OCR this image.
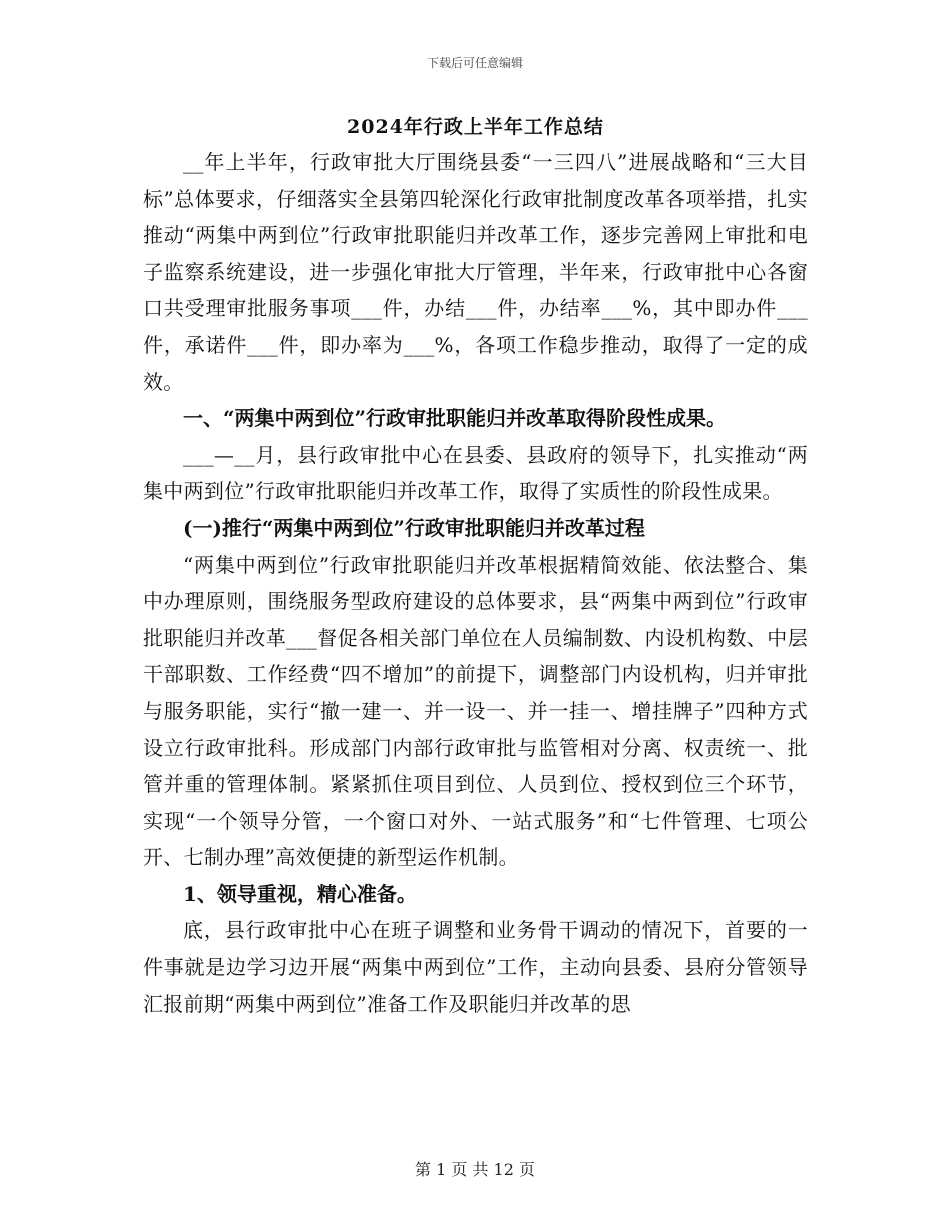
下载后可任意编辑
2024年行政上半年工作总结

__年上半年，行政审批大厅围绕县委“一三四八”进展战略和“三大目标”总体要求，仔细落实全县第四轮深化行政审批制度改革各项举措，扎实推动“两集中两到位”行政审批职能归并改革工作，逐步完善网上审批和电子监察系统建设，进一步强化审批大厅管理，半年来，行政审批中心各窗口共受理审批服务事项___件，办结___件，办结率___%，其中即办件___件，承诺件___件，即办率为___%，各项工作稳步推动，取得了一定的成效。

一、“两集中两到位”行政审批职能归并改革取得阶段性成果。

___—__月，县行政审批中心在县委、县政府的领导下，扎实推动“两集中两到位”行政审批职能归并改革工作，取得了实质性的阶段性成果。

(一)推行“两集中两到位”行政审批职能归并改革过程

“两集中两到位”行政审批职能归并改革根据精简效能、依法整合、集中办理原则，围绕服务型政府建设的总体要求，县“两集中两到位”行政审批职能归并改革___督促各相关部门单位在人员编制数、内设机构数、中层干部职数、工作经费“四不增加”的前提下，调整部门内设机构，归并审批与服务职能，实行“撤一建一、并一设一、并一挂一、增挂牌子”四种方式设立行政审批科。形成部门内部行政审批与监管相对分离、权责统一、批管并重的管理体制。紧紧抓住项目到位、人员到位、授权到位三个环节，实现“一个领导分管，一个窗口对外、一站式服务”和“七件管理、七项公开、七制办理”高效便捷的新型运作机制。

1、领导重视，精心准备。

底，县行政审批中心在班子调整和业务骨干调动的情况下，首要的一件事就是边学习边开展“两集中两到位”工作，主动向县委、县府分管领导汇报前期“两集中两到位”准备工作及职能归并改革的思

第 1 页 共 12 页
